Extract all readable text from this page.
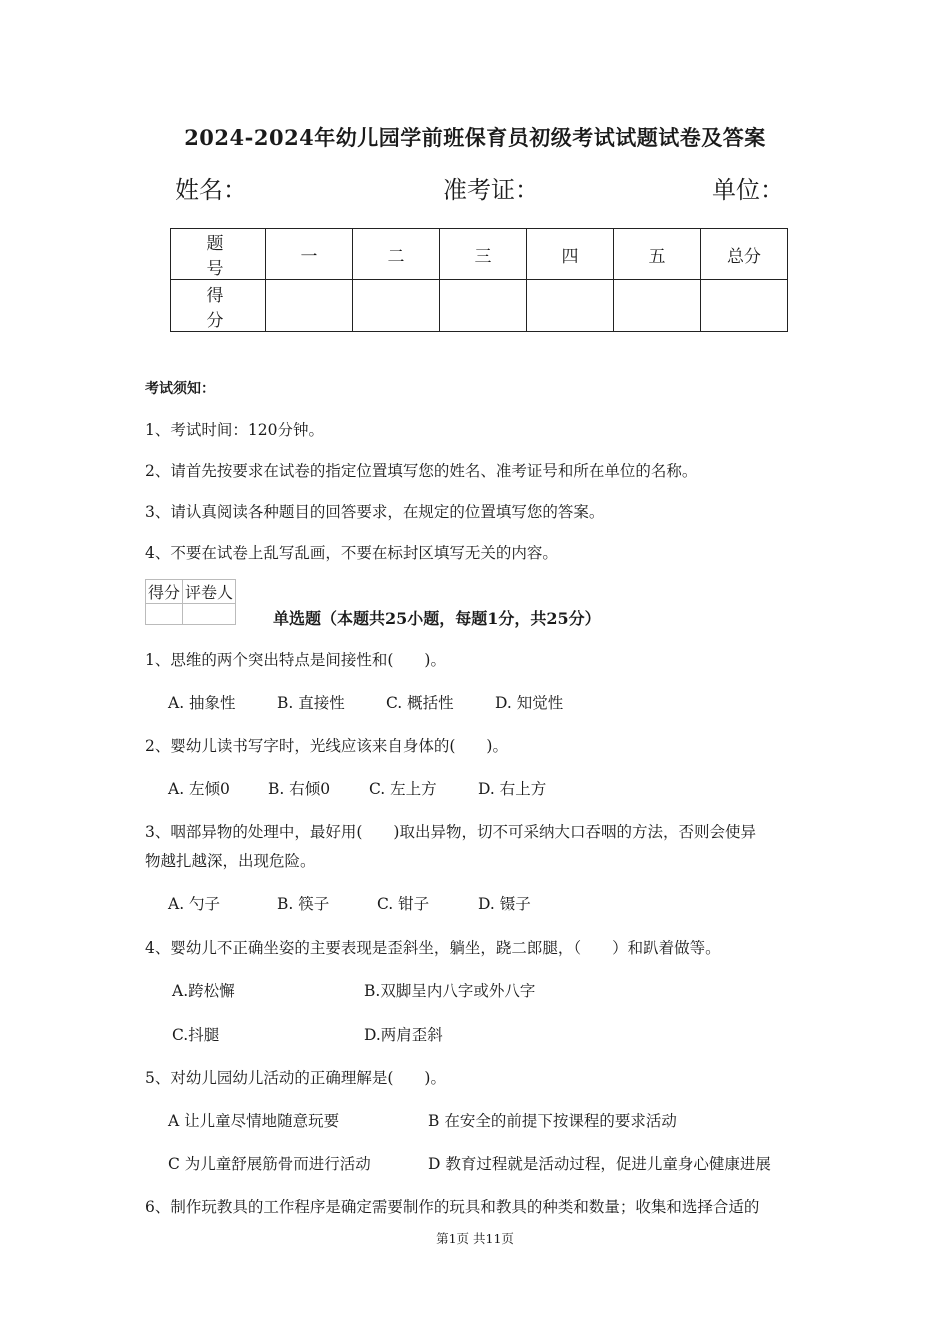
2024-2024年幼儿园学前班保育员初级考试试题试卷及答案
姓名：	准考证：	单位：
题　号	一	二	三	四	五	总分
得　分						
考试须知：
1、考试时间：120分钟。
2、请首先按要求在试卷的指定位置填写您的姓名、准考证号和所在单位的名称。
3、请认真阅读各种题目的回答要求，在规定的位置填写您的答案。
4、不要在试卷上乱写乱画，不要在标封区填写无关的内容。
得分	评卷人

单选题（本题共25小题，每题1分，共25分）
1、思维的两个突出特点是间接性和(　　)。
A. 抽象性	B. 直接性	C. 概括性	D. 知觉性
2、婴幼儿读书写字时，光线应该来自身体的(　　)。
A. 左倾0 B. 右倾0	C. 左上方	D. 右上方
3、咽部异物的处理中，最好用(　　)取出异物，切不可采纳大口吞咽的方法，否则会使异
物越扎越深，出现危险。
A. 勺子	B. 筷子	C. 钳子	D. 镊子
4、婴幼儿不正确坐姿的主要表现是歪斜坐，躺坐，跷二郎腿，（　　）和趴着做等。
A.跨松懈	B.双脚呈内八字或外八字
C.抖腿	D.两肩歪斜
5、对幼儿园幼儿活动的正确理解是(　　)。
A 让儿童尽情地随意玩要	B 在安全的前提下按课程的要求活动
C 为儿童舒展筋骨而进行活动	D 教育过程就是活动过程，促进儿童身心健康进展
6、制作玩教具的工作程序是确定需要制作的玩具和教具的种类和数量；收集和选择合适的
第1页 共11页
